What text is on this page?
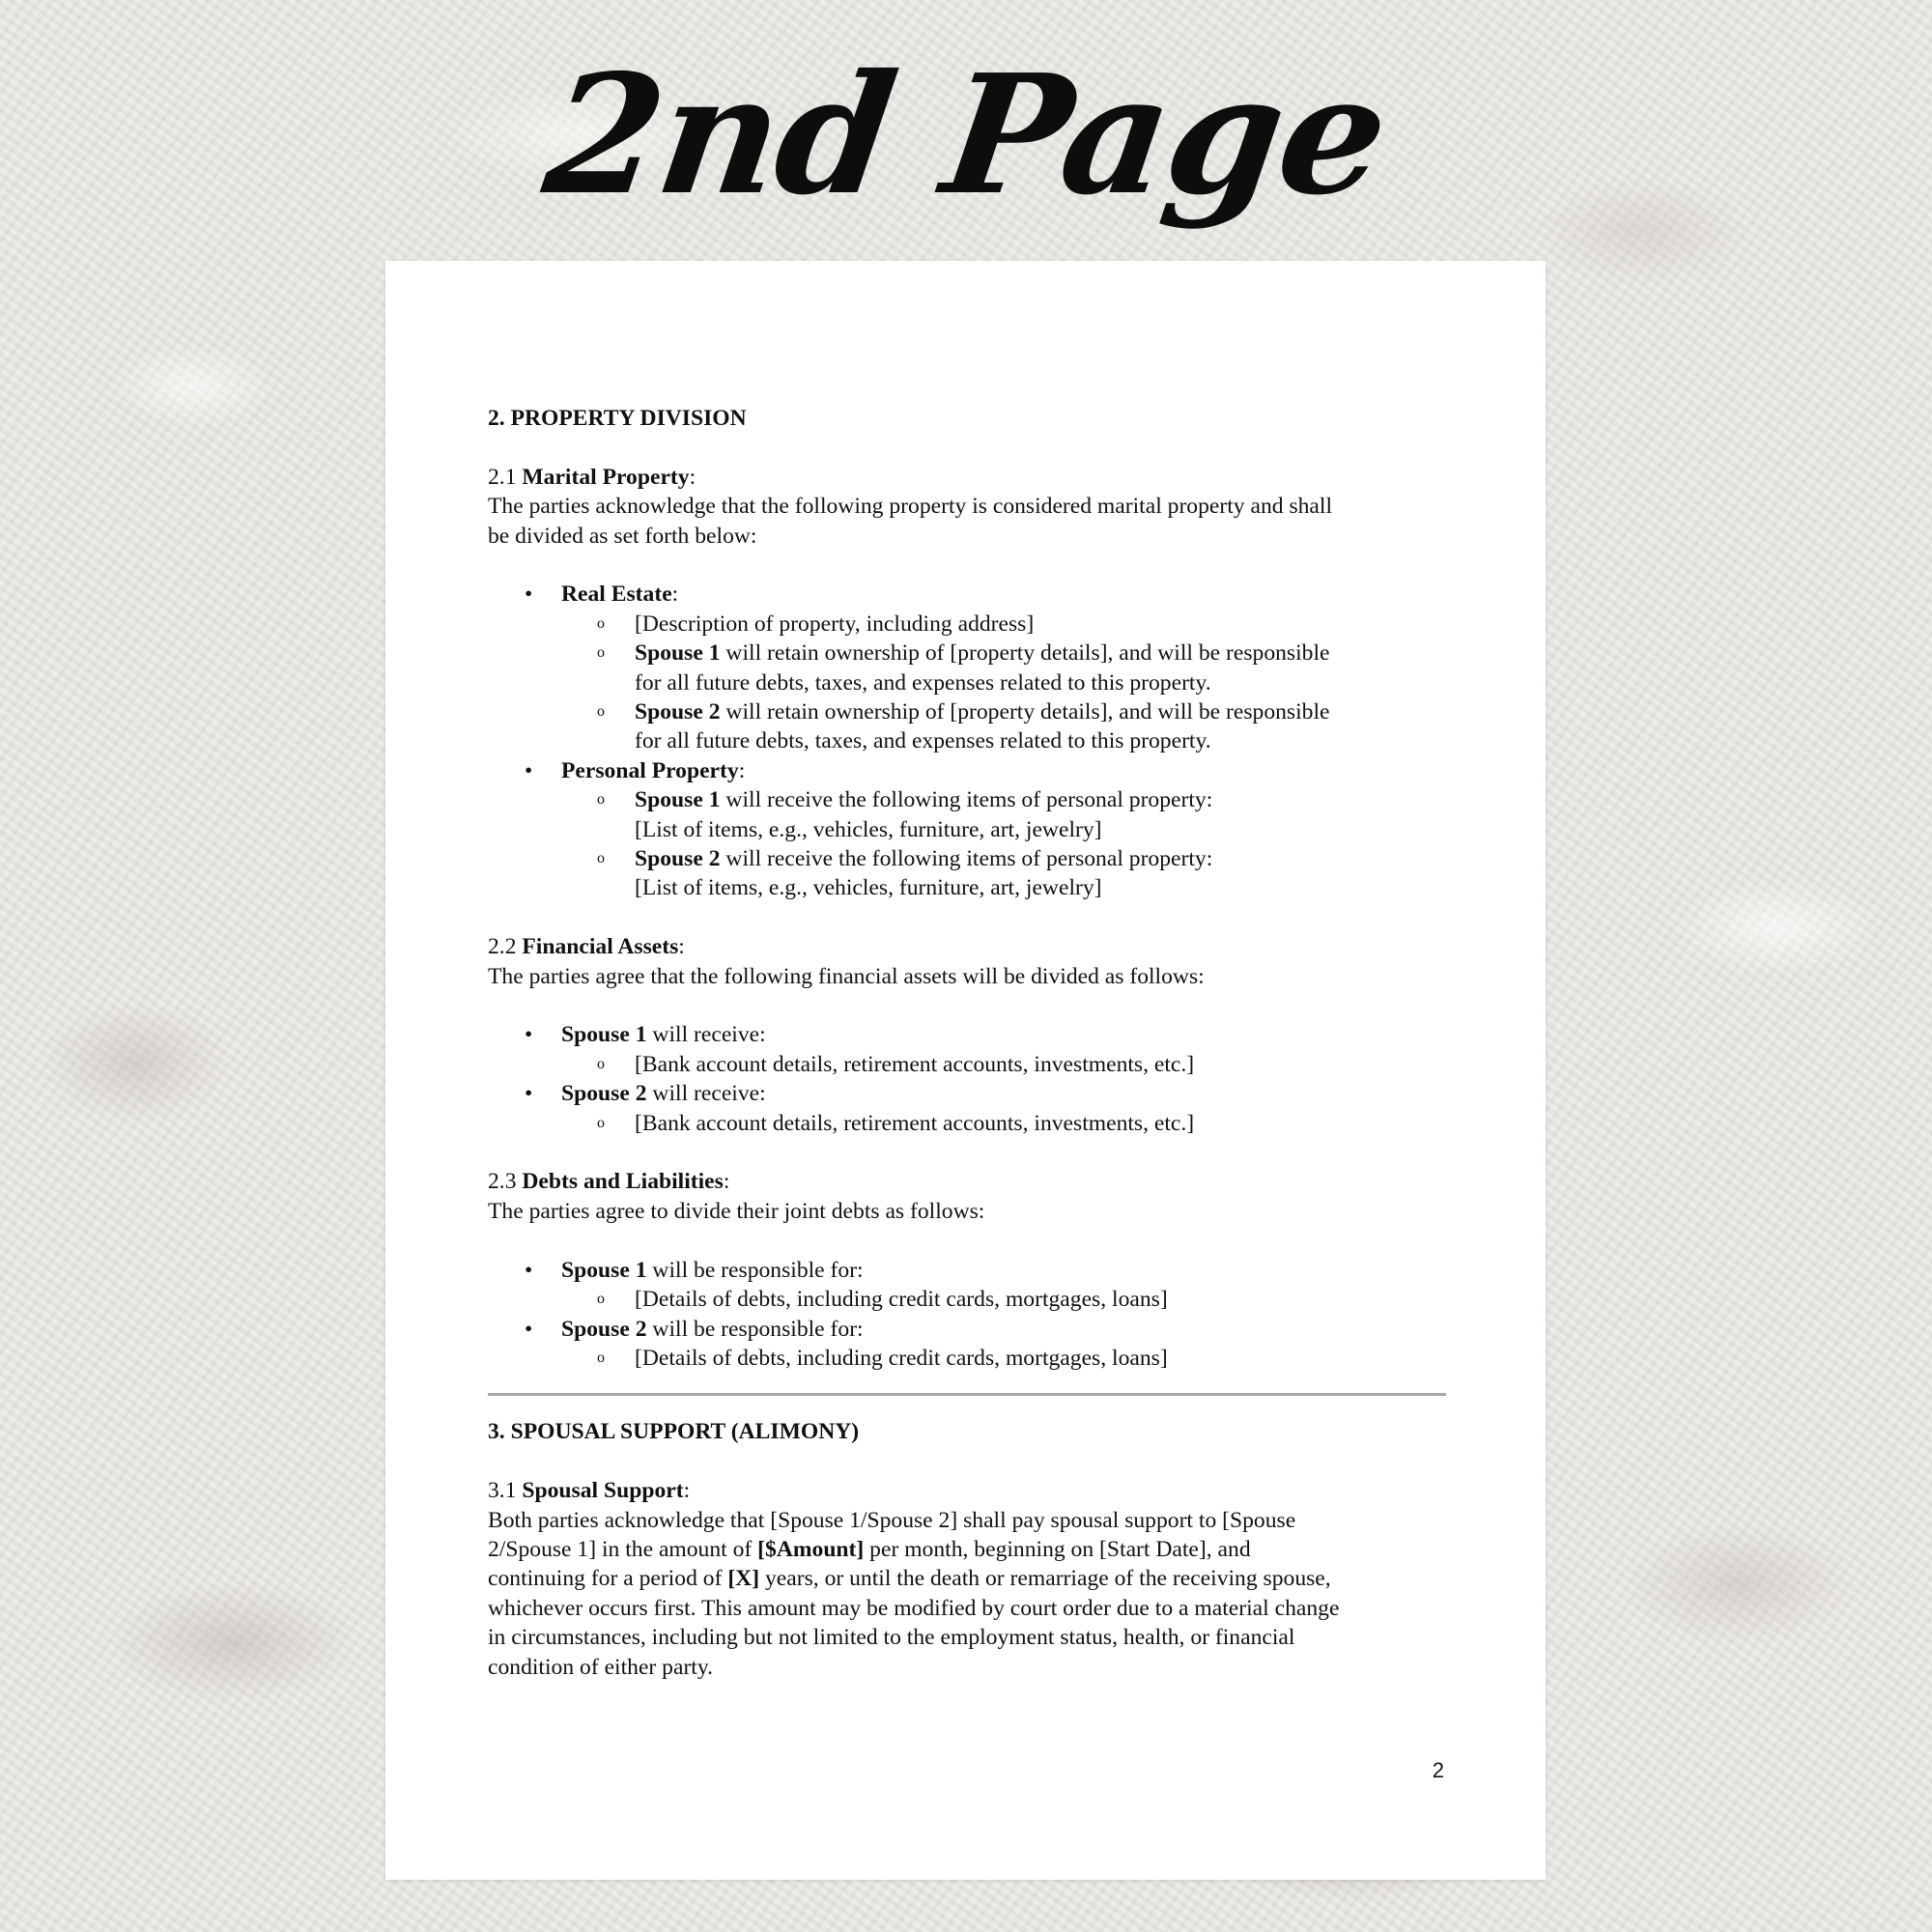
2nd Page
2. PROPERTY DIVISION
2.1 Marital Property:
The parties acknowledge that the following property is considered marital property and shall
be divided as set forth below:
• Real Estate:
o [Description of property, including address]
o Spouse 1 will retain ownership of [property details], and will be responsible
for all future debts, taxes, and expenses related to this property.
o Spouse 2 will retain ownership of [property details], and will be responsible
for all future debts, taxes, and expenses related to this property.
• Personal Property:
o Spouse 1 will receive the following items of personal property:
[List of items, e.g., vehicles, furniture, art, jewelry]
o Spouse 2 will receive the following items of personal property:
[List of items, e.g., vehicles, furniture, art, jewelry]
2.2 Financial Assets:
The parties agree that the following financial assets will be divided as follows:
• Spouse 1 will receive:
o [Bank account details, retirement accounts, investments, etc.]
• Spouse 2 will receive:
o [Bank account details, retirement accounts, investments, etc.]
2.3 Debts and Liabilities:
The parties agree to divide their joint debts as follows:
• Spouse 1 will be responsible for:
o [Details of debts, including credit cards, mortgages, loans]
• Spouse 2 will be responsible for:
o [Details of debts, including credit cards, mortgages, loans]
3. SPOUSAL SUPPORT (ALIMONY)
3.1 Spousal Support:
Both parties acknowledge that [Spouse 1/Spouse 2] shall pay spousal support to [Spouse
2/Spouse 1] in the amount of [$Amount] per month, beginning on [Start Date], and
continuing for a period of [X] years, or until the death or remarriage of the receiving spouse,
whichever occurs first. This amount may be modified by court order due to a material change
in circumstances, including but not limited to the employment status, health, or financial
condition of either party.
2
